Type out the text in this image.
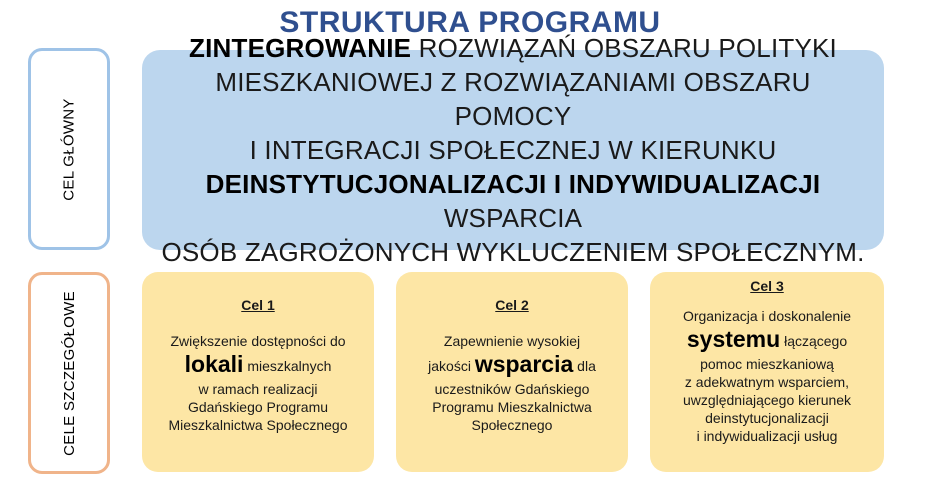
STRUKTURA PROGRAMU
CEL GŁÓWNY
CELE SZCZEGÓŁOWE
ZINTEGROWANIE ROZWIĄZAŃ OBSZARU POLITYKI
MIESZKANIOWEJ Z ROZWIĄZANIAMI OBSZARU POMOCY
I INTEGRACJI SPOŁECZNEJ W KIERUNKU
DEINSTYTUCJONALIZACJI I INDYWIDUALIZACJI WSPARCIA
OSÓB ZAGROŻONYCH WYKLUCZENIEM SPOŁECZNYM.
Cel 1
Zwiększenie dostępności do
lokali mieszkalnych
w ramach realizacji
Gdańskiego Programu
Mieszkalnictwa Społecznego
Cel 2
Zapewnienie wysokiej
jakości wsparcia dla
uczestników Gdańskiego
Programu Mieszkalnictwa
Społecznego
Cel 3
Organizacja i doskonalenie
systemu łączącego
pomoc mieszkaniową
z adekwatnym wsparciem,
uwzględniającego kierunek
deinstytucjonalizacji
i indywidualizacji usług
